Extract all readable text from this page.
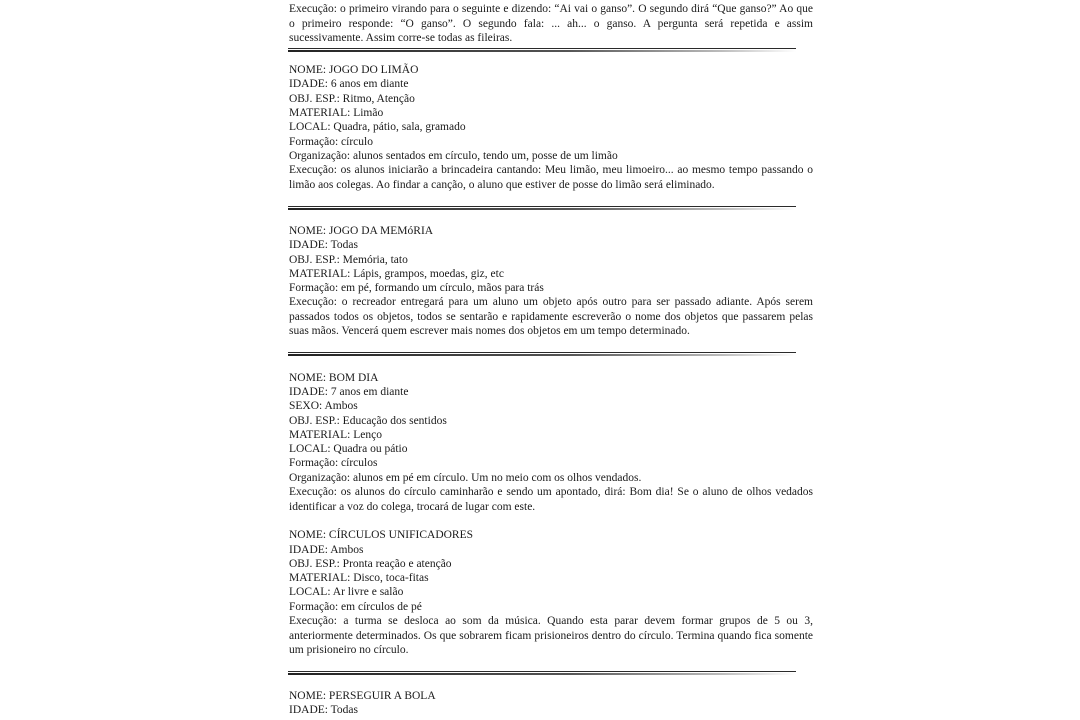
Execução: o primeiro virando para o seguinte e dizendo: “Ai vai o ganso”. O segundo dirá “Que ganso?” Ao que o primeiro responde: “O ganso”. O segundo fala: ... ah... o ganso. A pergunta será repetida e assim sucessivamente. Assim corre-se todas as fileiras.
NOME: JOGO DO LIMÃO
IDADE: 6 anos em diante
OBJ. ESP.: Ritmo, Atenção
MATERIAL: Limão
LOCAL: Quadra, pátio, sala, gramado
Formação: círculo
Organização: alunos sentados em círculo, tendo um, posse de um limão
Execução: os alunos iniciarão a brincadeira cantando: Meu limão, meu limoeiro... ao mesmo tempo passando o limão aos colegas. Ao findar a canção, o aluno que estiver de posse do limão será eliminado.
NOME: JOGO DA MEMóRIA
IDADE: Todas
OBJ. ESP.: Memória, tato
MATERIAL: Lápis, grampos, moedas, giz, etc
Formação: em pé, formando um círculo, mãos para trás
Execução: o recreador entregará para um aluno um objeto após outro para ser passado adiante. Após serem passados todos os objetos, todos se sentarão e rapidamente escreverão o nome dos objetos que passarem pelas suas mãos. Vencerá quem escrever mais nomes dos objetos em um tempo determinado.
NOME: BOM DIA
IDADE: 7 anos em diante
SEXO: Ambos
OBJ. ESP.: Educação dos sentidos
MATERIAL: Lenço
LOCAL: Quadra ou pátio
Formação: círculos
Organização: alunos em pé em círculo. Um no meio com os olhos vendados.
Execução: os alunos do círculo caminharão e sendo um apontado, dirá: Bom dia! Se o aluno de olhos vedados identificar a voz do colega, trocará de lugar com este.
NOME: CÍRCULOS UNIFICADORES
IDADE: Ambos
OBJ. ESP.: Pronta reação e atenção
MATERIAL: Disco, toca-fitas
LOCAL: Ar livre e salão
Formação: em círculos de pé
Execução: a turma se desloca ao som da música. Quando esta parar devem formar grupos de 5 ou 3, anteriormente determinados. Os que sobrarem ficam prisioneiros dentro do círculo. Termina quando fica somente um prisioneiro no círculo.
NOME: PERSEGUIR A BOLA
IDADE: Todas
